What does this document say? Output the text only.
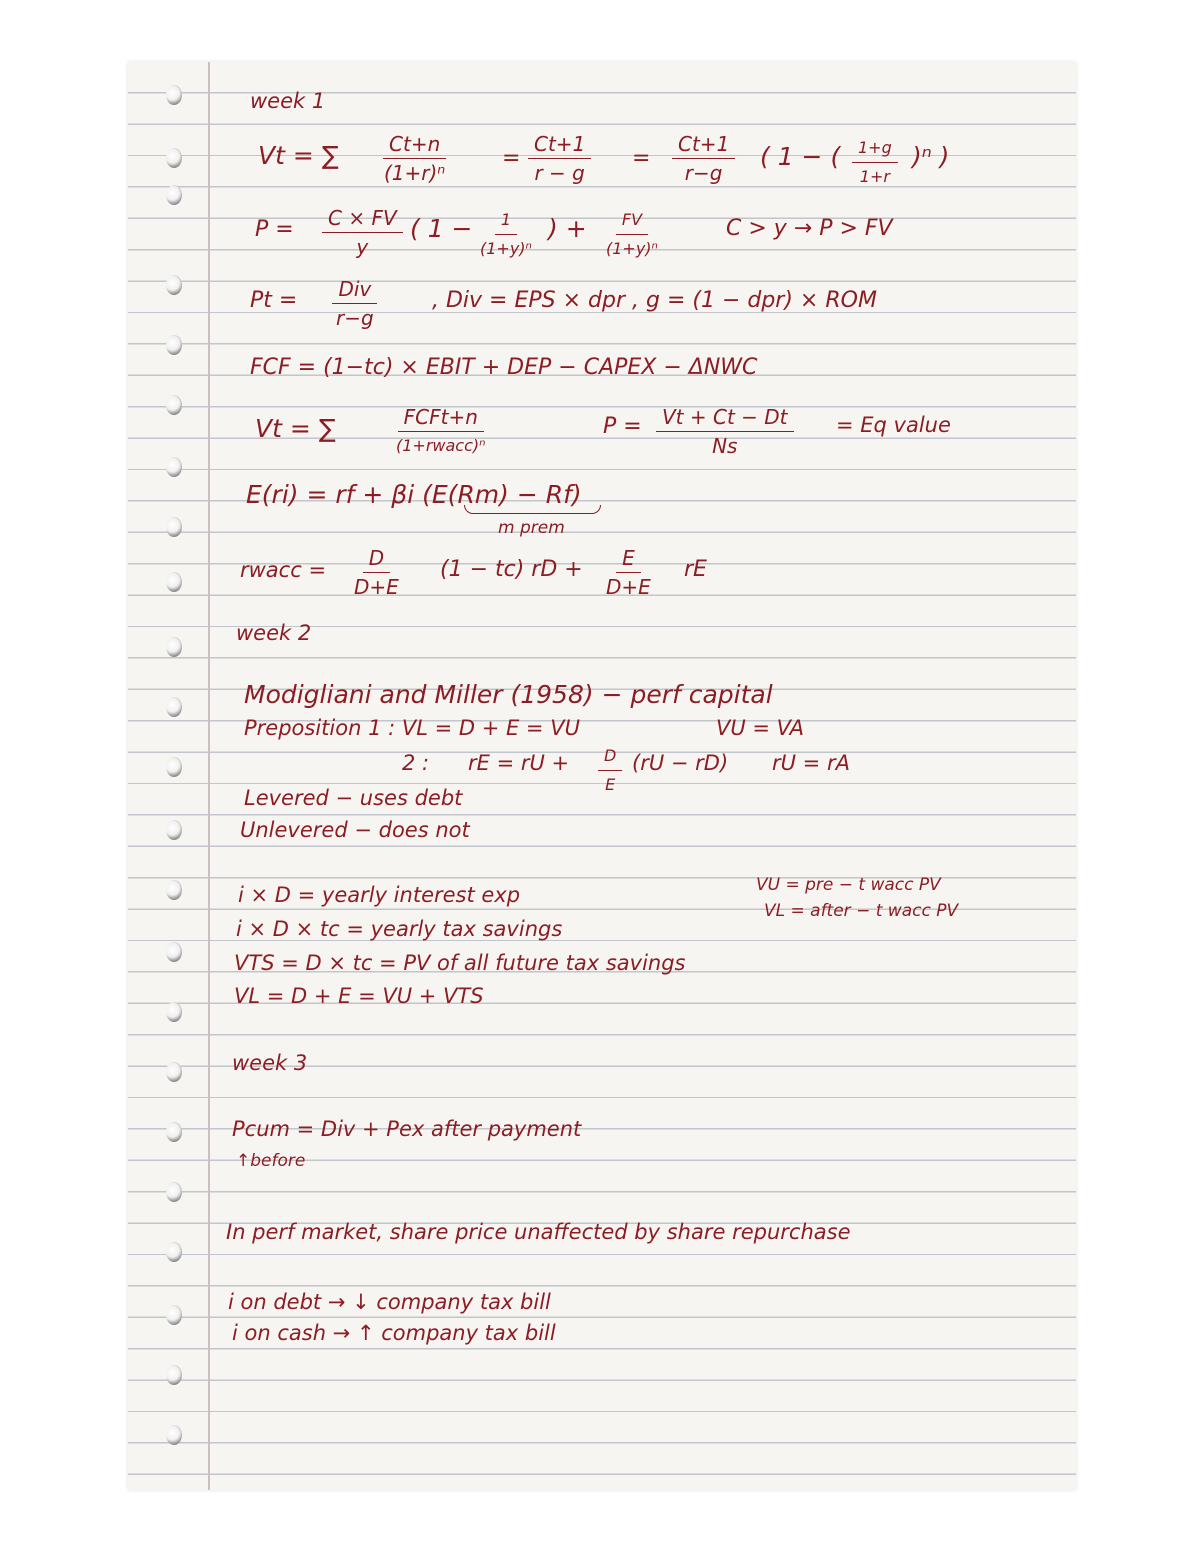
week 1

Vt = ∑ $\frac{Ct+n}{\text{(1+r)ⁿ}} = \frac{Ct+1}{r - g} = \frac{Ct+1}{r-g}$ ( 1 − ( $\frac{1+g}{1+r} )^n$ )

$P = \frac{C \times FV}{y}$ ( $1 - \frac{1}{\text{(1+y)ⁿ}}$ ) + $\frac{FV}{\text{(1+y)ⁿ}}$	C > y → P > FV

Pt =	Div
r−g

, Div = EPS × dpr , g = (1 − dpr) × ROM

FCF = (1−tc) × EBIT + DEP − CAPEX − ΔNWC

Vt = ∑	FCFt+n
(1+rwacc)ⁿ

$P = \frac{Vt + Ct - Dt}{Ns} = Eq$ value

E(ri) = rf + βi (E(Rm) − Rf)

m prem

rwacc = $\frac{D}{D+E} (1 - tc)$ rD + $\frac{E}{D+E}$ rE

week 2

Modigliani and Miller (1958) − perf capital

Preposition 1 : VL = D + E = VU	VU = VA

2 : rE = rU + $\frac{D}{E} (rU - rD)$ rU = rA

Levered − uses debt

Unlevered − does not

VU = pre − t wacc PV

VL = after − t wacc PV

i × D = yearly interest exp

i × D × tc = yearly tax savings

VTS = D × tc = PV of all future tax savings

VL = D + E = VU + VTS

week 3

Pcum = Div + Pex after payment

↑before

In perf market, share price unaffected by share repurchase

i on debt → ↓ company tax bill

i on cash → ↑ company tax bill
